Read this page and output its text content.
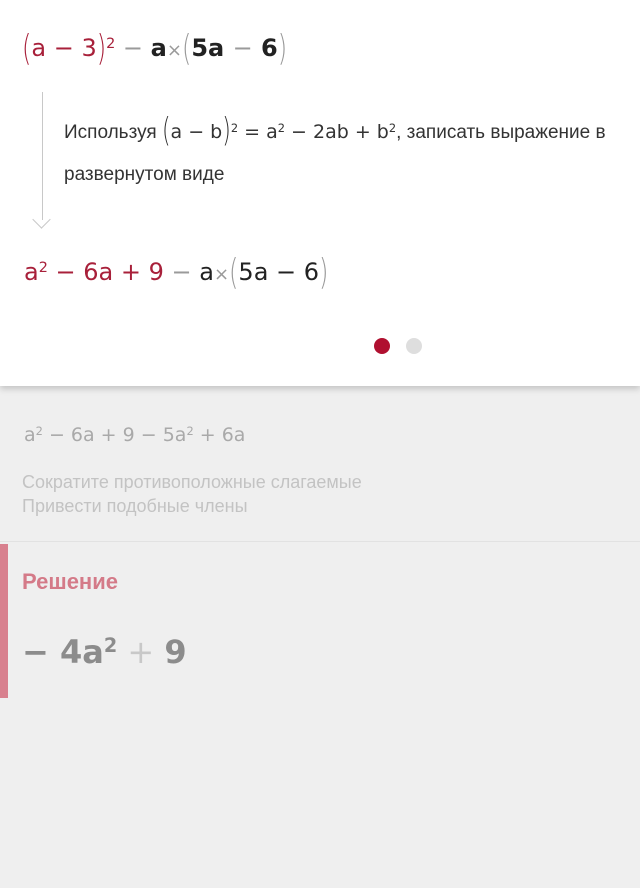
$(a - 3)^2 - a\times(5a - 6)$
Используя $(a - b)^2 = a^2 - 2ab + b^2$, записать выражение в
развернутом виде
$a^2 - 6a + 9 - a\times(5a - 6)$
$a^2 - 6a + 9 - 5a^2 + 6a$
Сократите противоположные слагаемые
Привести подобные члены
Решение
− $4a^2 + 9$
